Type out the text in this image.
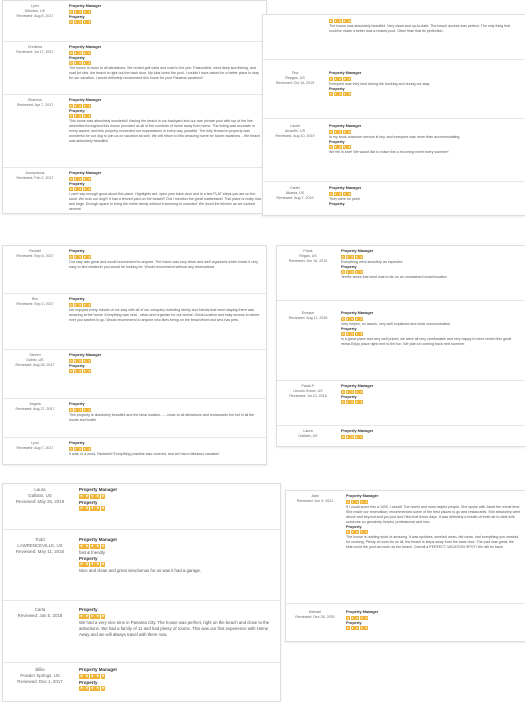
Lynn
Ellenton, US
Reviewed: Aug 8, 2017
Property Manager
★ ★ ★ ★ ★
Property
★ ★ ★ ★ ★
Christina
Reviewed: Jul 17, 2017
Property Manager
★ ★ ★ ★ ★
Property
★ ★ ★ ★ ★
The house is close to all attractions. We rented golf carts and road to the pier. Pastoodled, went deep sea fishing, and road jet skis, the beach is right out the back door. My kids loved the pool. I couldn't have asked for a better place to stay for our vacation. I would definitely recommend this home for your Panama vacation!!
Shannon
Reviewed: Apr 7, 2017
Property Manager
★ ★ ★ ★ ★
Property
★ ★ ★ ★ ★
This home was absolutely wonderful! Having the beach in our backyard and our own private pool with top of the line amenities throughout this house provided us all of the comforts of home away from home. The listing was accurate in every aspect, and this property exceeded our expectations in every way possible. The fully fenced in property was wonderful for our dog to join us on vacation as well. We will return to this amazing home for future vacations ...the beach was absolutely beautiful!
Anonymous
Reviewed: Feb 2, 2017
Property Manager
★ ★ ★ ★ ★
Property
★ ★ ★ ★ ★
I can't say enough good about this place. Highlights are: open your back door and in a few FLAT steps you are on the sand. We took our dog!!! It has a fenced yard on the beach!!! Did I mention the great mattresses!! This place is really nice and large. Enough space to bring the entire family without it seeming to crowded. We loved the kitchen as we cooked several
★ ★ ★ ★ ★
The house was absolutely beautiful. Very clean and up-to-date. The beach access was perfect. The only thing that could've made it better was a heated pool. Other than that its perfection.
Tina
Reagan, US
Reviewed: Oct 14, 2019
Property Manager
★ ★ ★ ★ ★
Everyone was very kind during the booking and during our stay.
Property
★ ★ ★ ★ ★
Laurie
Amarillo, US
Reviewed: Aug 10, 2019
Property Manager
★ ★ ★ ★ ★
In my book customer service is key, and everyone was more than accommodating.
Property
★ ★ ★ ★ ★
We fell in love! We would like to make this a recurring event every summer!
Carter
Atlanta, US
Reviewed: Aug 7, 2019
Property Manager
★ ★ ★ ★ ★
They were on point.
Property
Ronald
Reviewed: Sep 6, 2017
Property
★ ★ ★ ★ ★
Our stay was great and would recommend to anyone. The home was very clean and well organized which made it very easy to find whatever you would be looking for. Would recommend without any reservations
Ron
Reviewed: Sep 2, 2017
Property
★ ★ ★ ★ ★
We enjoyed every minute of our stay with all of our company including family and friends that were staying there was amazing at the home. Everything was neat , clean and organize for our arrival. Great location and easy access to where ever you wanted to go. Would recommend to anyone who likes being on the beach/front and who has pets.
Steven
Dublin, US
Reviewed: Aug 28, 2017
Property Manager
★ ★ ★ ★ ★
Property
★ ★ ★ ★ ★
Angela
Reviewed: Aug 27, 2017
Property
★ ★ ★ ★ ★
This property is absolutely beautiful and the ideal location.......close to all attractions and restaurants but not in all the hustle and bustle
Lynn
Reviewed: Aug 7, 2017
Property
★ ★ ★ ★ ★
It was, in a word, Fantastic! Everything possible was covered, and we had a fabulous vacation!
Frank
Regan, US
Reviewed: Jun 16, 2019
Property Manager
★ ★ ★ ★ ★
Everything went smoothly as expected
Property
★ ★ ★ ★ ★
Terrific views that went was to far on an unmatched house/location
Enrique
Reviewed: Aug 11, 2018
Property Manager
★ ★ ★ ★ ★
Very helpful, no issues, very well explained and clear communication.
Property
★ ★ ★ ★ ★
Is a great place and very well priced, we were all very comfortable and very happy to have rented this great rental.Enjoy place right next to the fun. We plan on coming back next summer.
Paula P.
Lincoln Grove, US
Reviewed: Jul 10, 2018
Property Manager
★ ★ ★ ★ ★
Property
★ ★ ★ ★ ★
Laura
Gallatin, US
Property Manager
★ ★ ★ ★ ★
Laura
Gallatin, US
Reviewed: May 26, 2018
Property Manager
★ ★ ★ ★ ★
Property
★ ★ ★ ★ ★
Todd
LAWRENCEVILLE, US
Reviewed: May 11, 2018
Property Manager
★ ★ ★ ★ ★
fast & friendly
Property
★ ★ ★ ★ ★
Nice and clean and great view,bonus for us was it had a garage.
Carla
Reviewed: Jan 5, 2018
Property
★ ★ ★ ★ ★
We had a very nice time in Panama City. The house was perfect, right on the beach and close to the attractions. We had a family of 11 and had plenty of rooms. This was our first experience with Home Away and we will always travel with them now.
Billie
Powder Springs, US
Reviewed: Dec 1, 2017
Property Manager
★ ★ ★ ★ ★
Property
★ ★ ★ ★ ★
Jake
Reviewed: Jun 9, 2021
Property Manager
★ ★ ★ ★ ★
If I could score this a 1000, I would! The nicest and most helpful people. She spoke with Janet the whole time. She made our reservation, recommended some of the best places to go and restaurants. She absolutely went above and beyond and you just don't find that these days. It was definitely a breath of fresh air to deal with someone so genuinely helpful, professional and nice.
Property
★ ★ ★ ★ ★
The house is nothing short of amazing. It was spotless, smelled clean, felt clean, had everything you needed for cooking. Plenty of room for us all, the beach is steps away from the back door. The pool was great, the kids loved the pool as much as the beach. Overall a PERFECT VACATION SPOT! We will be back.
Michael
Reviewed: Dec 28, 2020
Property Manager
★ ★ ★ ★ ★
Property
★ ★ ★ ★ ★
